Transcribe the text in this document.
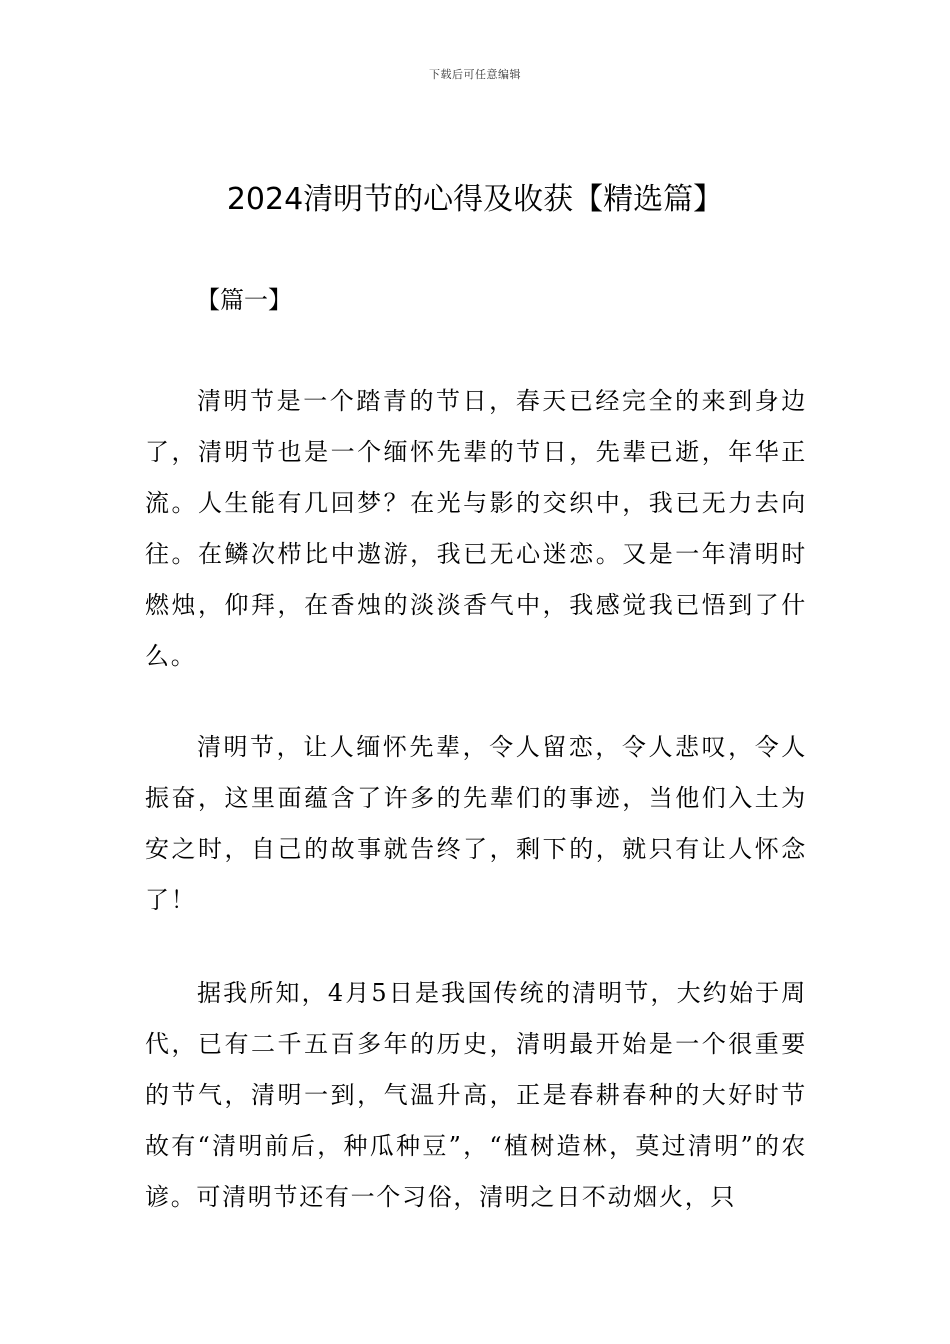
下载后可任意编辑
2024清明节的心得及收获【精选篇】
【篇一】

清明节是一个踏青的节日，春天已经完全的来到身边了，清明节也是一个缅怀先辈的节日，先辈已逝，年华正流。人生能有几回梦？在光与影的交织中，我已无力去向往。在鳞次栉比中遨游，我已无心迷恋。又是一年清明时燃烛，仰拜，在香烛的淡淡香气中，我感觉我已悟到了什么。

清明节，让人缅怀先辈，令人留恋，令人悲叹，令人振奋，这里面蕴含了许多的先辈们的事迹，当他们入土为安之时，自己的故事就告终了，剩下的，就只有让人怀念了！

据我所知，4月5日是我国传统的清明节，大约始于周代，已有二千五百多年的历史，清明最开始是一个很重要的节气，清明一到，气温升高，正是春耕春种的大好时节故有“清明前后，种瓜种豆”，“植树造林，莫过清明”的农谚。可清明节还有一个习俗，清明之日不动烟火，只
